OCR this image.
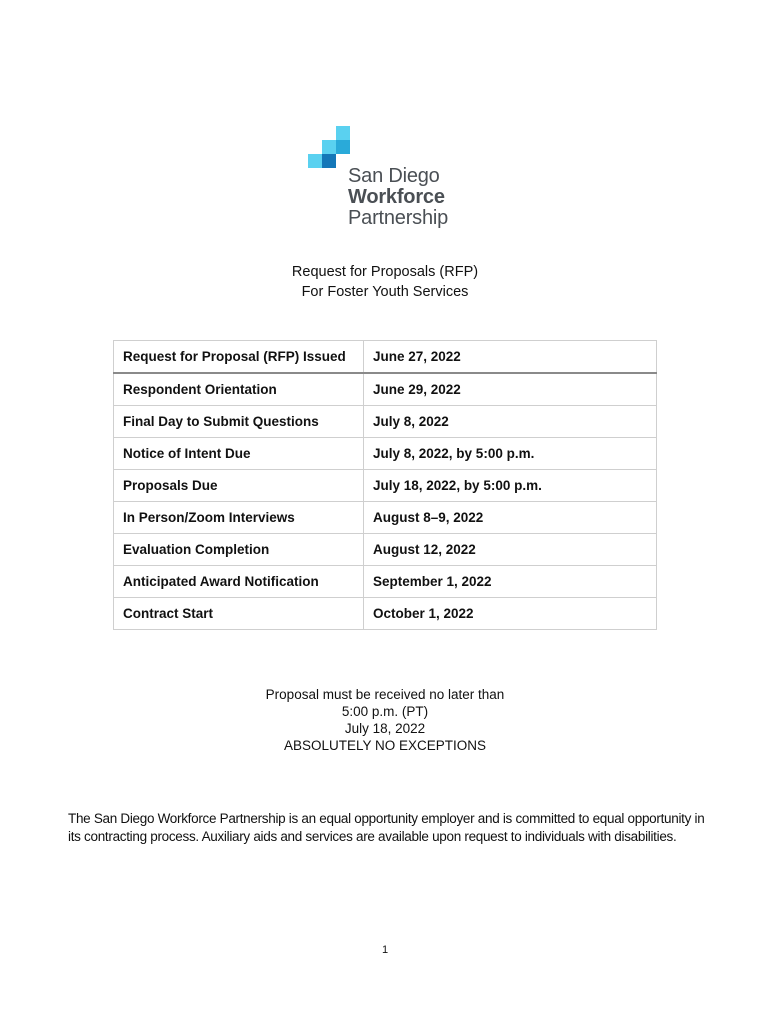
San Diego
Workforce
Partnership
Request for Proposals (RFP)
For Foster Youth Services
Request for Proposal (RFP) Issued	June 27, 2022
Respondent Orientation	June 29, 2022
Final Day to Submit Questions	July 8, 2022
Notice of Intent Due	July 8, 2022, by 5:00 p.m.
Proposals Due	July 18, 2022, by 5:00 p.m.
In Person/Zoom Interviews	August 8–9, 2022
Evaluation Completion	August 12, 2022
Anticipated Award Notification	September 1, 2022
Contract Start	October 1, 2022
Proposal must be received no later than
5:00 p.m. (PT)
July 18, 2022
ABSOLUTELY NO EXCEPTIONS
The San Diego Workforce Partnership is an equal opportunity employer and is committed to equal opportunity in its contracting process. Auxiliary aids and services are available upon request to individuals with disabilities.
1
